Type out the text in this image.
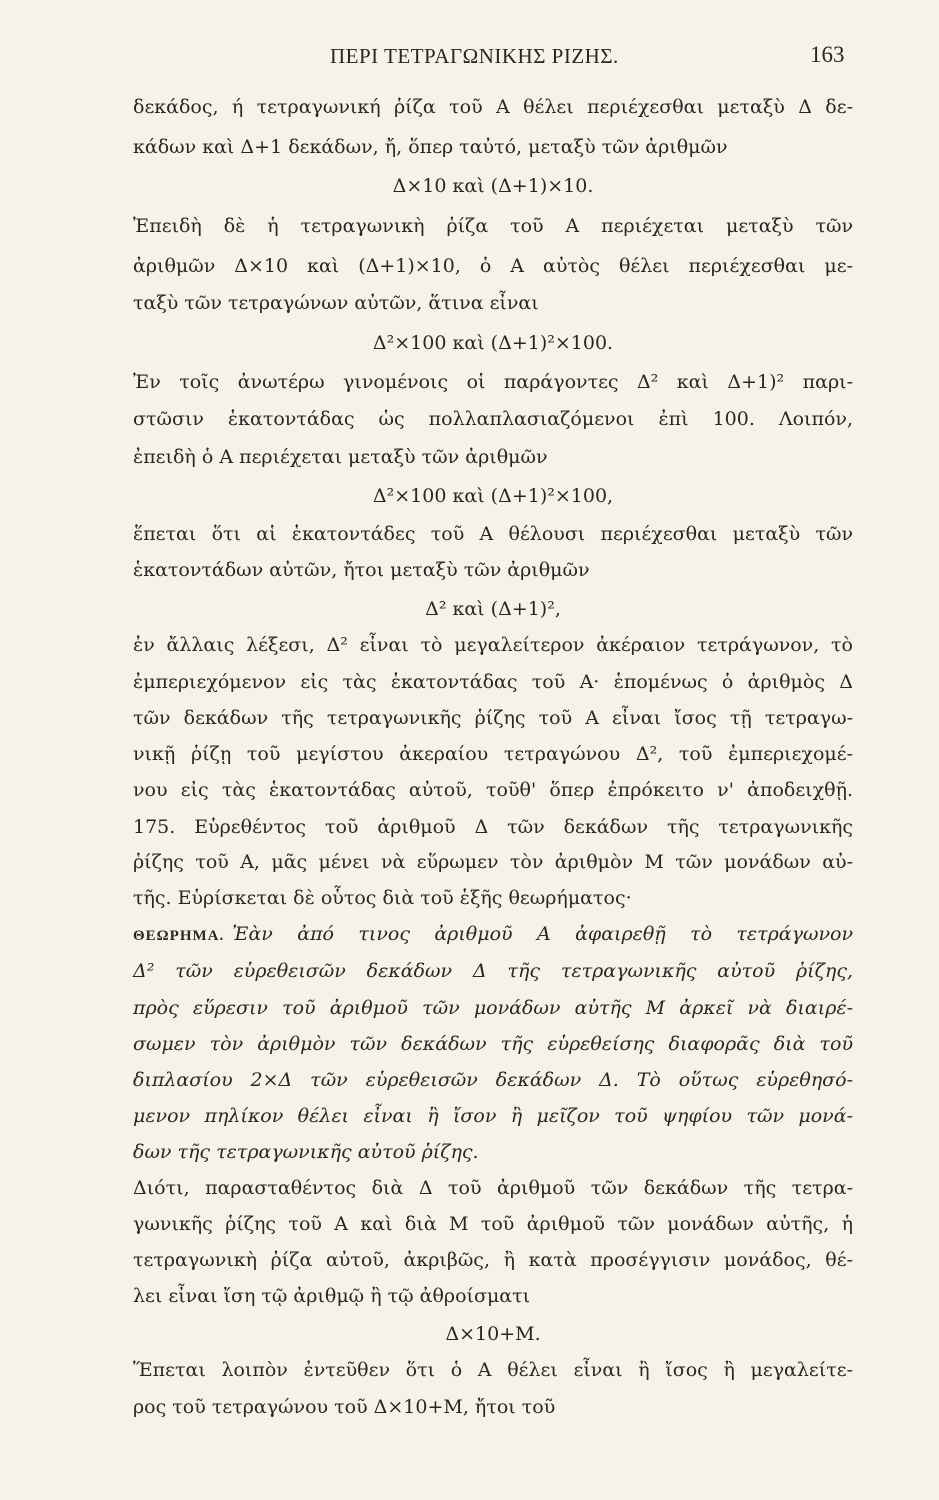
ΠΕΡΙ ΤΕΤΡΑΓΩΝΙΚΗΣ ΡΙΖΗΣ.	163
δεκάδος, ή τετραγωνική ῥίζα τοῦ Α θέλει περιέχεσθαι μεταξὺ Δ δε-
κάδων καὶ Δ+1 δεκάδων, ἤ, ὅπερ ταὐτό, μεταξὺ τῶν ἀριθμῶν
Δ×10 καὶ (Δ+1)×10.
Ἐπειδὴ δὲ ἡ τετραγωνικὴ ῥίζα τοῦ Α περιέχεται μεταξὺ τῶν
ἀριθμῶν Δ×10 καὶ (Δ+1)×10, ὁ Α αὐτὸς θέλει περιέχεσθαι με-
ταξὺ τῶν τετραγώνων αὐτῶν, ἅτινα εἶναι
Δ²×100 καὶ (Δ+1)²×100.
Ἐν τοῖς ἀνωτέρω γινομένοις οἱ παράγοντες Δ² καὶ Δ+1)² παρι-
στῶσιν ἑκατοντάδας ὡς πολλαπλασιαζόμενοι ἐπὶ 100. Λοιπόν,
ἐπειδὴ ὁ Α περιέχεται μεταξὺ τῶν ἀριθμῶν
Δ²×100 καὶ (Δ+1)²×100,
ἕπεται ὅτι αἱ ἑκατοντάδες τοῦ Α θέλουσι περιέχεσθαι μεταξὺ τῶν
ἑκατοντάδων αὐτῶν, ἤτοι μεταξὺ τῶν ἀριθμῶν
Δ² καὶ (Δ+1)²,
ἐν ἄλλαις λέξεσι, Δ² εἶναι τὸ μεγαλείτερον ἀκέραιον τετράγωνον, τὸ
ἐμπεριεχόμενον εἰς τὰς ἑκατοντάδας τοῦ Α· ἑπομένως ὁ ἀριθμὸς Δ
τῶν δεκάδων τῆς τετραγωνικῆς ῥίζης τοῦ Α εἶναι ἴσος τῇ τετραγω-
νικῇ ῥίζῃ τοῦ μεγίστου ἀκεραίου τετραγώνου Δ², τοῦ ἐμπεριεχομέ-
νου εἰς τὰς ἑκατοντάδας αὐτοῦ, τοῦθ' ὅπερ ἐπρόκειτο ν' ἀποδειχθῇ.
175. Εὑρεθέντος τοῦ ἀριθμοῦ Δ τῶν δεκάδων τῆς τετραγωνικῆς
ῥίζης τοῦ Α, μᾶς μένει νὰ εὕρωμεν τὸν ἀριθμὸν Μ τῶν μονάδων αὐ-
τῆς. Εὑρίσκεται δὲ οὗτος διὰ τοῦ ἑξῆς θεωρήματος·
ΘΕΩΡΗΜΑ. Ἐὰν ἀπό τινος ἀριθμοῦ Α ἀφαιρεθῇ τὸ τετράγωνον
Δ² τῶν εὑρεθεισῶν δεκάδων Δ τῆς τετραγωνικῆς αὐτοῦ ῥίζης,
πρὸς εὕρεσιν τοῦ ἀριθμοῦ τῶν μονάδων αὐτῆς Μ ἀρκεῖ νὰ διαιρέ-
σωμεν τὸν ἀριθμὸν τῶν δεκάδων τῆς εὑρεθείσης διαφορᾶς διὰ τοῦ
διπλασίου 2×Δ τῶν εὑρεθεισῶν δεκάδων Δ. Τὸ οὕτως εὑρεθησό-
μενον πηλίκον θέλει εἶναι ἢ ἴσον ἢ μεῖζον τοῦ ψηφίου τῶν μονά-
δων τῆς τετραγωνικῆς αὐτοῦ ῥίζης.
Διότι, παρασταθέντος διὰ Δ τοῦ ἀριθμοῦ τῶν δεκάδων τῆς τετρα-
γωνικῆς ῥίζης τοῦ Α καὶ διὰ Μ τοῦ ἀριθμοῦ τῶν μονάδων αὐτῆς, ἡ
τετραγωνικὴ ῥίζα αὐτοῦ, ἀκριβῶς, ἢ κατὰ προσέγγισιν μονάδος, θέ-
λει εἶναι ἴση τῷ ἀριθμῷ ἢ τῷ ἀθροίσματι
Δ×10+Μ.
Ἕπεται λοιπὸν ἐντεῦθεν ὅτι ὁ Α θέλει εἶναι ἢ ἴσος ἢ μεγαλείτε-
ρος τοῦ τετραγώνου τοῦ Δ×10+Μ, ἤτοι τοῦ
